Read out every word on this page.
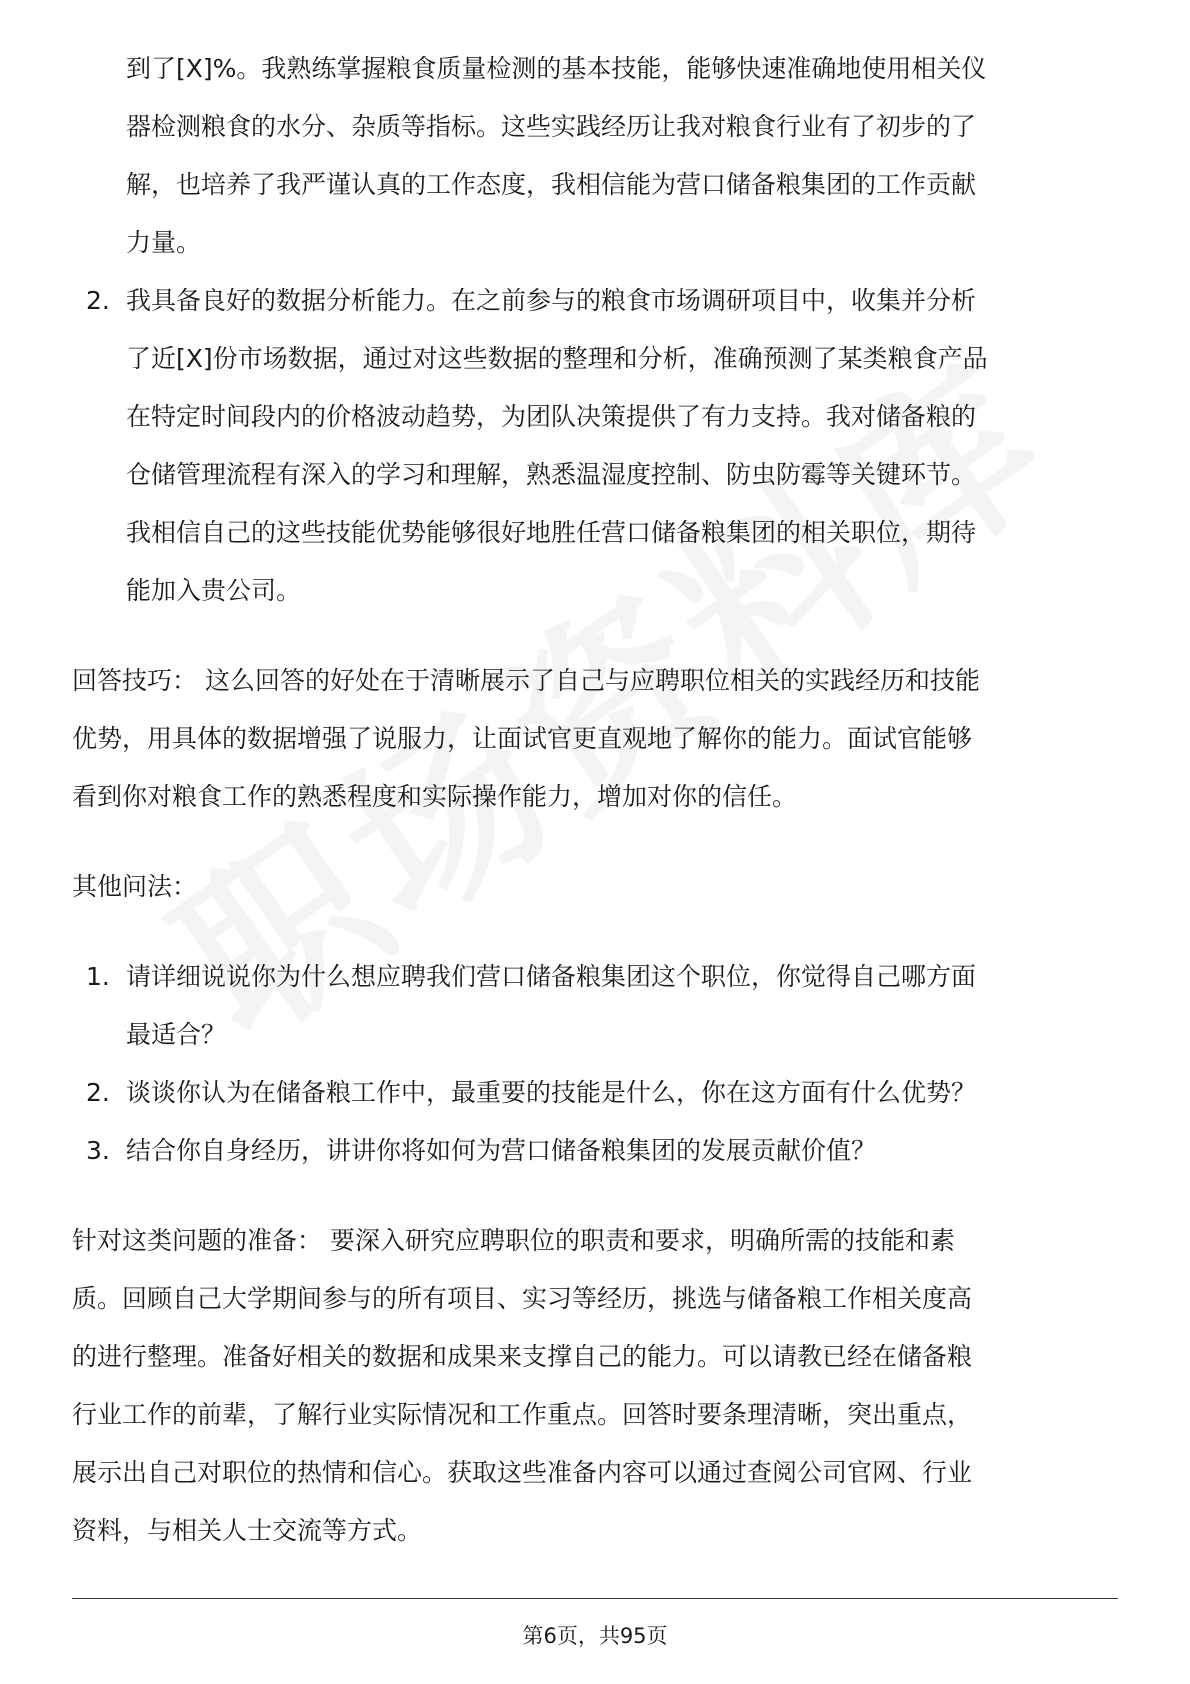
到了[X]%。我熟练掌握粮食质量检测的基本技能，能够快速准确地使用相关仪
器检测粮食的水分、杂质等指标。这些实践经历让我对粮食行业有了初步的了
解，也培养了我严谨认真的工作态度，我相信能为营口储备粮集团的工作贡献
力量。
2. 我具备良好的数据分析能力。在之前参与的粮食市场调研项目中，收集并分析
了近[X]份市场数据，通过对这些数据的整理和分析，准确预测了某类粮食产品
在特定时间段内的价格波动趋势，为团队决策提供了有力支持。我对储备粮的
仓储管理流程有深入的学习和理解，熟悉温湿度控制、防虫防霉等关键环节。
我相信自己的这些技能优势能够很好地胜任营口储备粮集团的相关职位，期待
能加入贵公司。
回答技巧： 这么回答的好处在于清晰展示了自己与应聘职位相关的实践经历和技能
优势，用具体的数据增强了说服力，让面试官更直观地了解你的能力。面试官能够
看到你对粮食工作的熟悉程度和实际操作能力，增加对你的信任。
其他问法：
1. 请详细说说你为什么想应聘我们营口储备粮集团这个职位，你觉得自己哪方面
最适合？
2. 谈谈你认为在储备粮工作中，最重要的技能是什么，你在这方面有什么优势？
3. 结合你自身经历，讲讲你将如何为营口储备粮集团的发展贡献价值？
针对这类问题的准备： 要深入研究应聘职位的职责和要求，明确所需的技能和素
质。回顾自己大学期间参与的所有项目、实习等经历，挑选与储备粮工作相关度高
的进行整理。准备好相关的数据和成果来支撑自己的能力。可以请教已经在储备粮
行业工作的前辈，了解行业实际情况和工作重点。回答时要条理清晰，突出重点，
展示出自己对职位的热情和信心。获取这些准备内容可以通过查阅公司官网、行业
资料，与相关人士交流等方式。
第6页，共95页
